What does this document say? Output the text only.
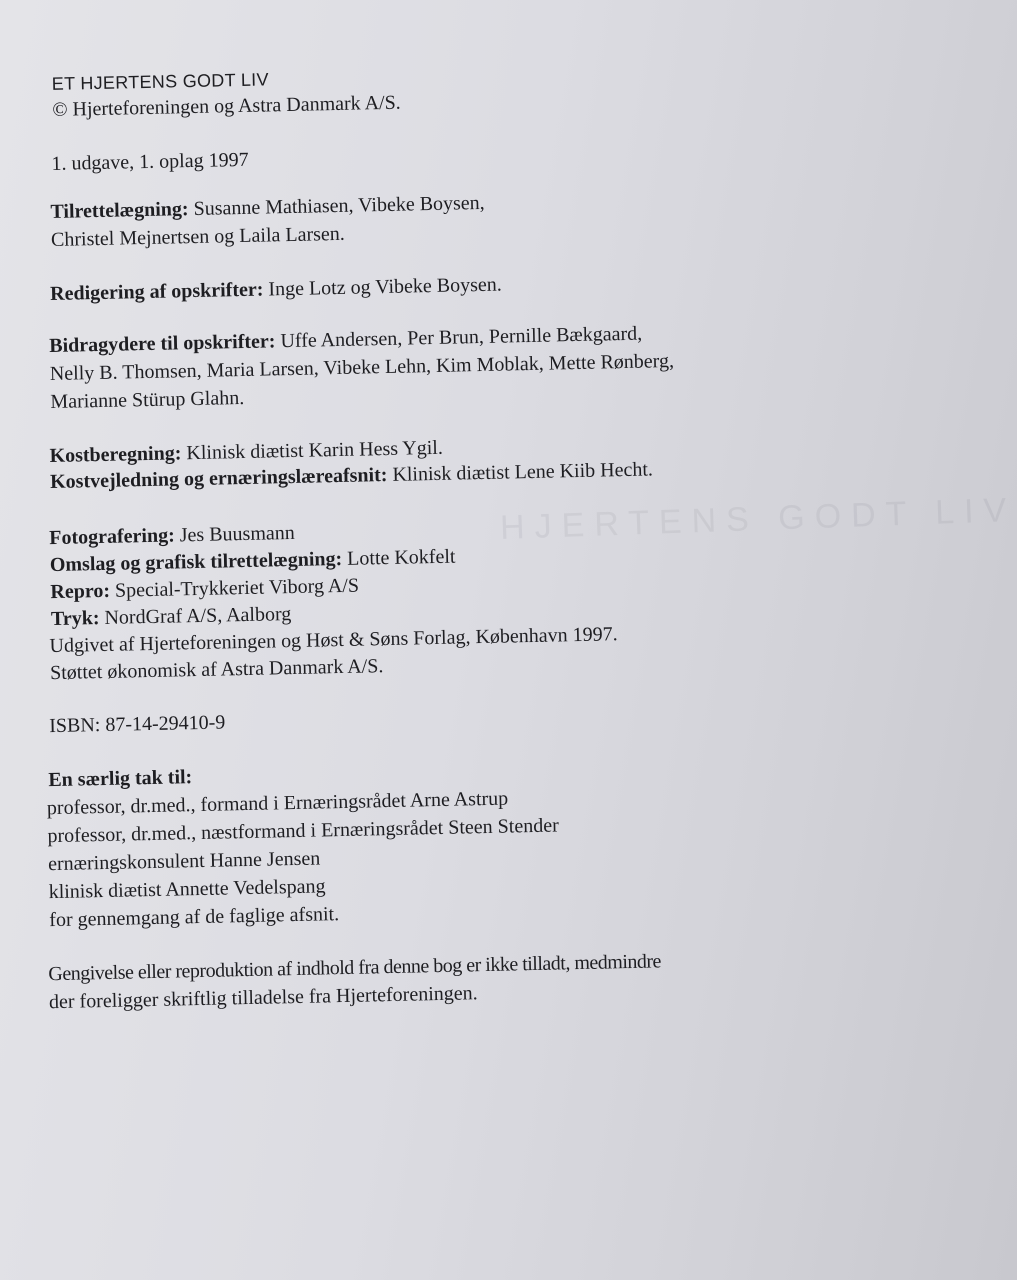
HJERTENS GODT LIV
ET HJERTENS GODT LIV
© Hjerteforeningen og Astra Danmark A/S.
1. udgave, 1. oplag 1997
Tilrettelægning: Susanne Mathiasen, Vibeke Boysen,
Christel Mejnertsen og Laila Larsen.
Redigering af opskrifter: Inge Lotz og Vibeke Boysen.
Bidragydere til opskrifter: Uffe Andersen, Per Brun, Pernille Bækgaard,
Nelly B. Thomsen, Maria Larsen, Vibeke Lehn, Kim Moblak, Mette Rønberg,
Marianne Stürup Glahn.
Kostberegning: Klinisk diætist Karin Hess Ygil.
Kostvejledning og ernæringslæreafsnit: Klinisk diætist Lene Kiib Hecht.
Fotografering: Jes Buusmann
Omslag og grafisk tilrettelægning: Lotte Kokfelt
Repro: Special-Trykkeriet Viborg A/S
Tryk: NordGraf A/S, Aalborg
Udgivet af Hjerteforeningen og Høst & Søns Forlag, København 1997.
Støttet økonomisk af Astra Danmark A/S.
ISBN: 87-14-29410-9
En særlig tak til:
professor, dr.med., formand i Ernæringsrådet Arne Astrup
professor, dr.med., næstformand i Ernæringsrådet Steen Stender
ernæringskonsulent Hanne Jensen
klinisk diætist Annette Vedelspang
for gennemgang af de faglige afsnit.
Gengivelse eller reproduktion af indhold fra denne bog er ikke tilladt, medmindre
der foreligger skriftlig tilladelse fra Hjerteforeningen.
